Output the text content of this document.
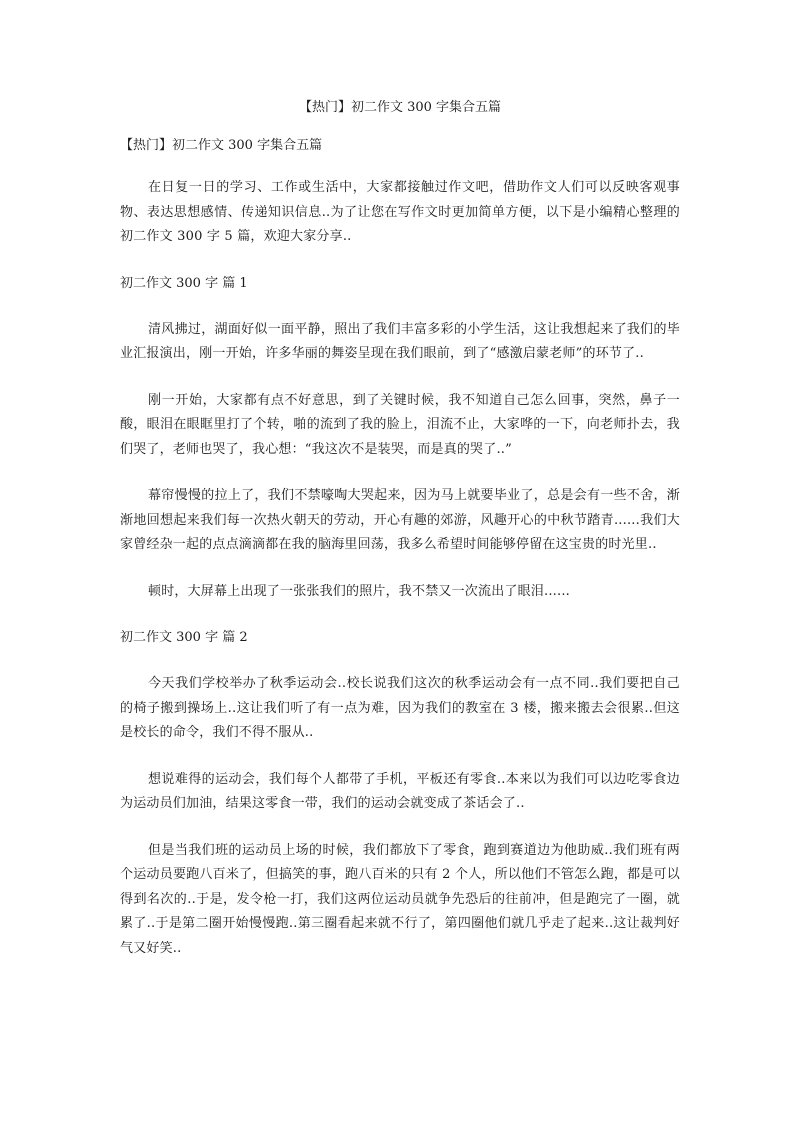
【热门】初二作文 300 字集合五篇
【热门】初二作文 300 字集合五篇

在日复一日的学习、工作或生活中，大家都接触过作文吧，借助作文人们可以反映客观事物、表达思想感情、传递知识信息..为了让您在写作文时更加简单方便，以下是小编精心整理的初二作文 300 字 5 篇，欢迎大家分享..

初二作文 300 字 篇 1

清风拂过，湖面好似一面平静，照出了我们丰富多彩的小学生活，这让我想起来了我们的毕业汇报演出，刚一开始，许多华丽的舞姿呈现在我们眼前，到了“感激启蒙老师”的环节了..

刚一开始，大家都有点不好意思，到了关键时候，我不知道自己怎么回事，突然，鼻子一酸，眼泪在眼眶里打了个转，啪的流到了我的脸上，泪流不止，大家哗的一下，向老师扑去，我们哭了，老师也哭了，我心想：“我这次不是装哭，而是真的哭了..”

幕帘慢慢的拉上了，我们不禁嚎啕大哭起来，因为马上就要毕业了，总是会有一些不舍，渐渐地回想起来我们每一次热火朝天的劳动，开心有趣的郊游，风趣开心的中秋节踏青......我们大家曾经杂一起的点点滴滴都在我的脑海里回荡，我多么希望时间能够停留在这宝贵的时光里..

顿时，大屏幕上出现了一张张我们的照片，我不禁又一次流出了眼泪......

初二作文 300 字 篇 2

今天我们学校举办了秋季运动会..校长说我们这次的秋季运动会有一点不同..我们要把自己的椅子搬到操场上..这让我们听了有一点为难，因为我们的教室在 3 楼，搬来搬去会很累..但这是校长的命令，我们不得不服从..

想说难得的运动会，我们每个人都带了手机，平板还有零食..本来以为我们可以边吃零食边为运动员们加油，结果这零食一带，我们的运动会就变成了茶话会了..

但是当我们班的运动员上场的时候，我们都放下了零食，跑到赛道边为他助威..我们班有两个运动员要跑八百米了，但搞笑的事，跑八百米的只有 2 个人，所以他们不管怎么跑，都是可以得到名次的..于是，发令枪一打，我们这两位运动员就争先恐后的往前冲，但是跑完了一圈，就累了..于是第二圈开始慢慢跑..第三圈看起来就不行了，第四圈他们就几乎走了起来..这让裁判好气又好笑..
